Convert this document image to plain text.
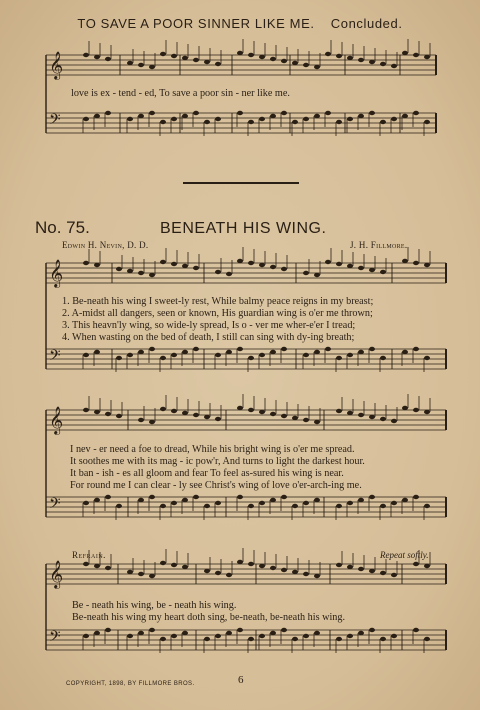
TO SAVE A POOR SINNER LIKE ME. Concluded.
love is ex - tend - ed, To save a poor sin - ner like me.
No. 75.	BENEATH HIS WING.
Edwin H. Nevin, D. D.	J. H. Fillmore.
1. Be-neath his wing I sweet-ly rest, While balmy peace reigns in my breast;
2. A-midst all dangers, seen or known, His guardian wing is o'er me thrown;
3. This heavn'ly wing, so wide-ly spread, Is o - ver me wher-e'er I tread;
4. When wasting on the bed of death, I still can sing with dy-ing breath;
I nev - er need a foe to dread, While his bright wing is o'er me spread.
It soothes me with its mag - ic pow'r, And turns to light the darkest hour.
It ban - ish - es all gloom and fear To feel as-sured his wing is near.
For round me I can clear - ly see Christ's wing of love o'er-arch-ing me.
Refrain.	Repeat softly.
Be - neath his wing, be - neath his wing.
Be-neath his wing my heart doth sing, be-neath, be-neath his wing.
COPYRIGHT, 1898, BY FILLMORE BROS.	6
𝄞
𝄢
𝄞
𝄢
𝄞
𝄢
𝄞
𝄢
